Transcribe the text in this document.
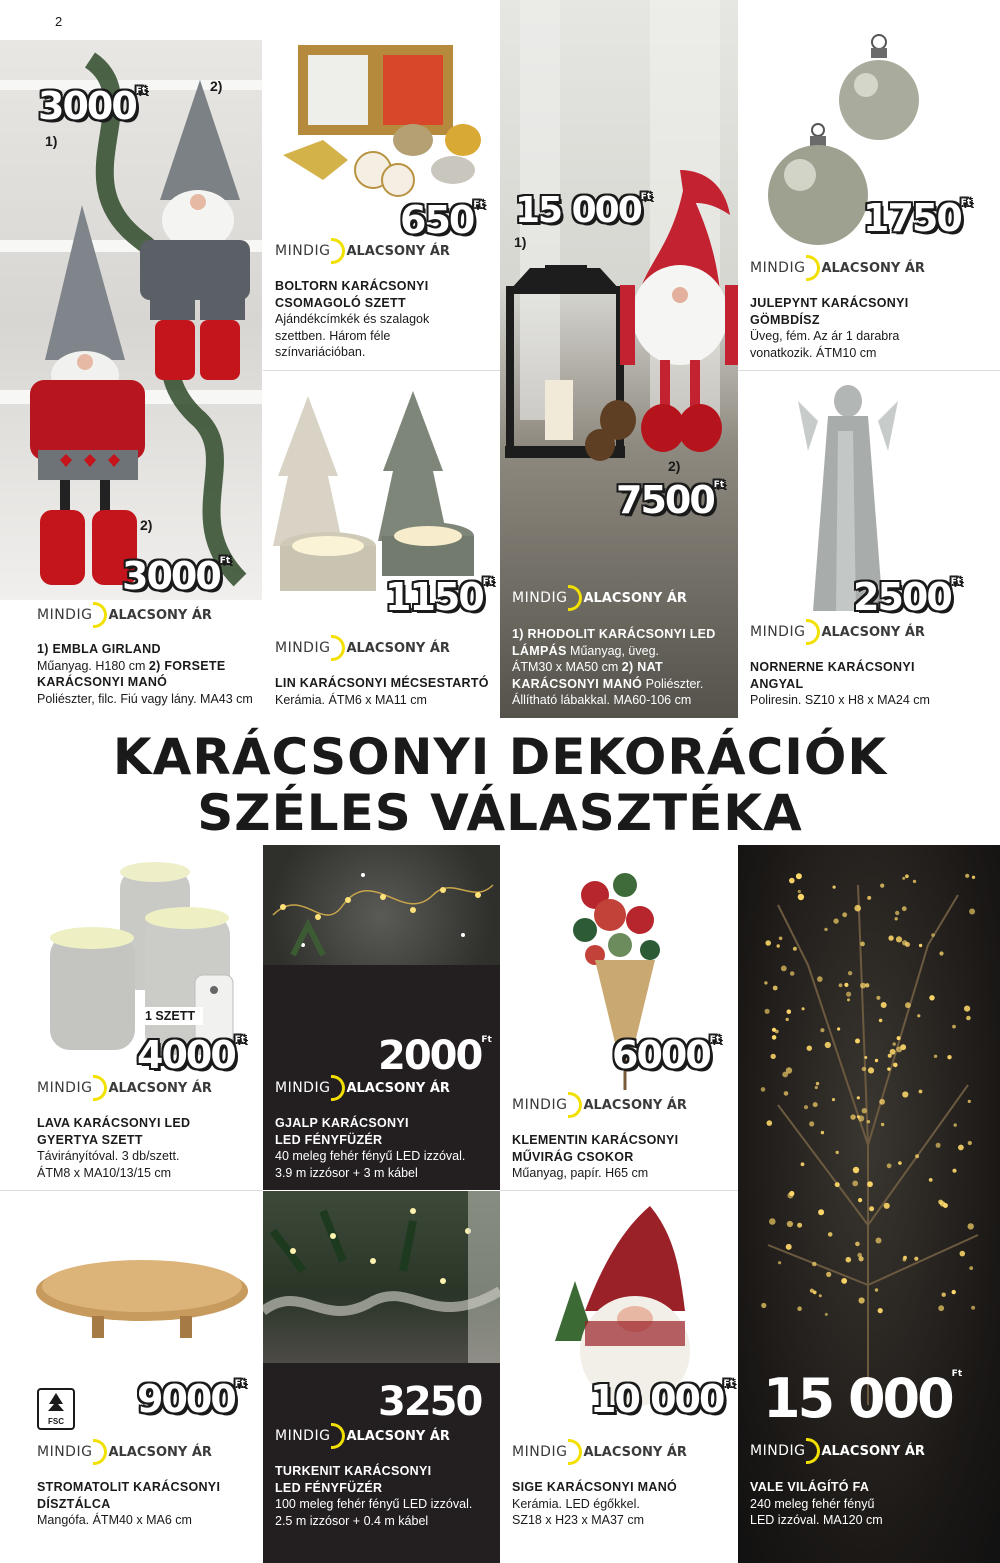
2
$3000^{Ft}$
1)
2)
2)
$3000^{Ft}$
MINDIG ALACSONY ÁR
1) EMBLA GIRLAND
Műanyag. H180 cm 2) FORSETE
KARÁCSONYI MANÓ
Poliészter, filc. Fiú vagy lány. MA43 cm
$650^{Ft}$
MINDIG ALACSONY ÁR
BOLTORN KARÁCSONYI
CSOMAGOLÓ SZETT
Ajándékcímkék és szalagok
szettben. Három féle
színvariációban.
15 $000^{Ft}$
1)
2)
$7500^{Ft}$
MINDIG ALACSONY ÁR
1) RHODOLIT KARÁCSONYI LED
LÁMPÁS Műanyag, üveg.
ÁTM30 x MA50 cm 2) NAT
KARÁCSONYI MANÓ Poliészter.
Állítható lábakkal. MA60-106 cm
$1750^{Ft}$
MINDIG ALACSONY ÁR
JULEPYNT KARÁCSONYI
GÖMBDÍSZ
Üveg, fém. Az ár 1 darabra
vonatkozik. ÁTM10 cm
$1150^{Ft}$
MINDIG ALACSONY ÁR
LIN KARÁCSONYI MÉCSESTARTÓ
Kerámia. ÁTM6 x MA11 cm
$2500^{Ft}$
MINDIG ALACSONY ÁR
NORNERNE KARÁCSONYI
ANGYAL
Poliresin. SZ10 x H8 x MA24 cm
KARÁCSONYI DEKORÁCIÓK
SZÉLES VÁLASZTÉKA
1 SZETT
$4000^{Ft}$
MINDIG ALACSONY ÁR
LAVA KARÁCSONYI LED
GYERTYA SZETT
Távirányítóval. 3 db/szett.
ÁTM8 x MA10/13/15 cm
$2000^{Ft}$
MINDIG ALACSONY ÁR
GJALP KARÁCSONYI
LED FÉNYFÜZÉR
40 meleg fehér fényű LED izzóval.
3.9 m izzósor + 3 m kábel
$6000^{Ft}$
MINDIG ALACSONY ÁR
KLEMENTIN KARÁCSONYI
MŰVIRÁG CSOKOR
Műanyag, papír. H65 cm
15 $000^{Ft}$
MINDIG ALACSONY ÁR
VALE VILÁGÍTÓ FA
240 meleg fehér fényű
LED izzóval. MA120 cm
FSC
$9000^{Ft}$
MINDIG ALACSONY ÁR
STROMATOLIT KARÁCSONYI
DÍSZTÁLCA
Mangófa. ÁTM40 x MA6 cm
3250
MINDIG ALACSONY ÁR
TURKENIT KARÁCSONYI
LED FÉNYFÜZÉR
100 meleg fehér fényű LED izzóval.
2.5 m izzósor + 0.4 m kábel
10 $000^{Ft}$
MINDIG ALACSONY ÁR
SIGE KARÁCSONYI MANÓ
Kerámia. LED égőkkel.
SZ18 x H23 x MA37 cm
